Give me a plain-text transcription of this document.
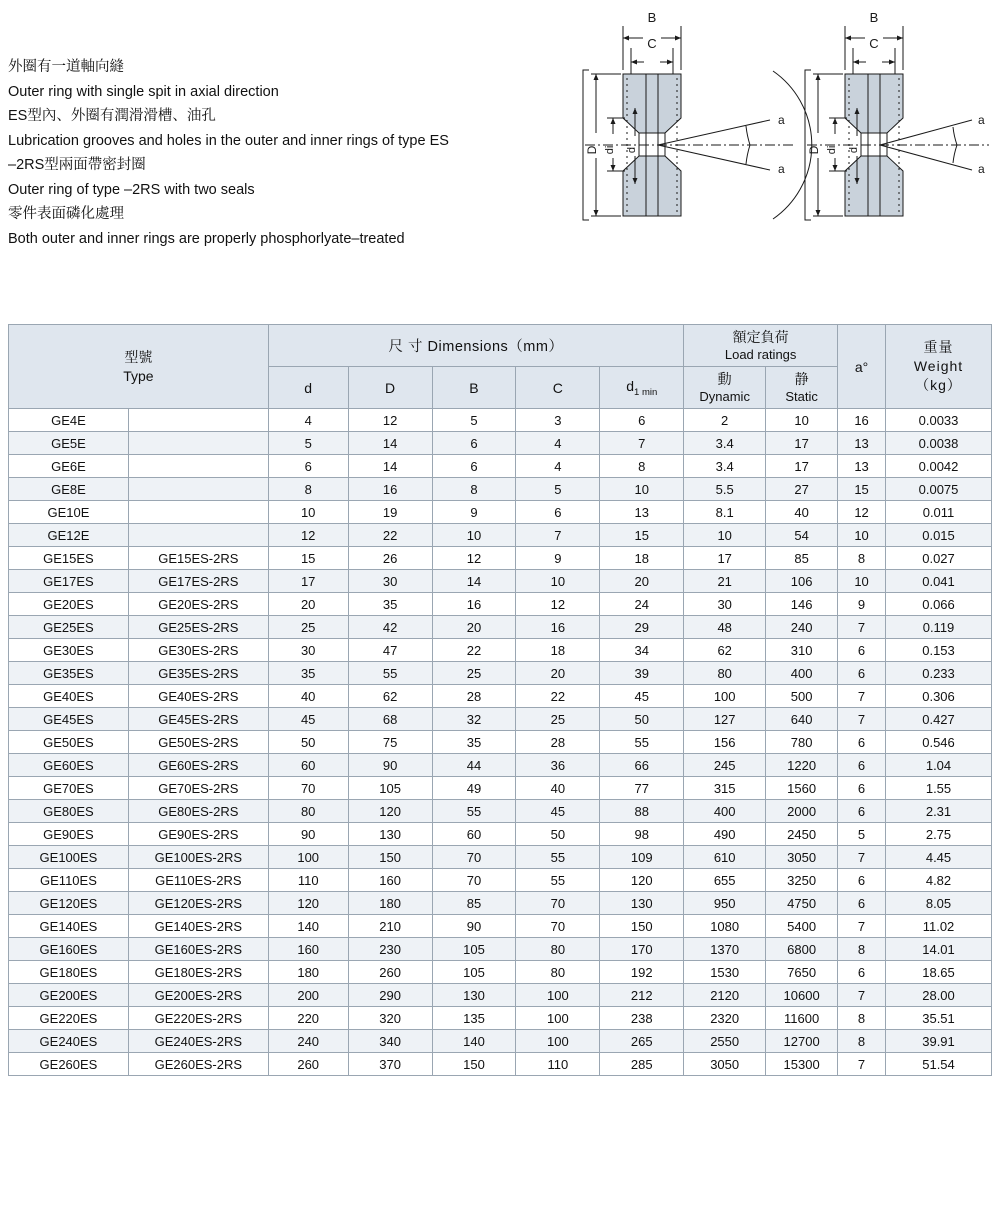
外圈有一道軸向縫
Outer ring with single spit in axial direction
ES型內、外圈有潤滑滑槽、油孔
Lubrication grooves and holes in the outer and inner rings of type ES
–2RS型兩面帶密封圈
Outer ring of type –2RS with two seals
零件表面磷化處理
Both outer and inner rings are properly phosphorlyate–treated
B
C
D di d
a
a
B
C
D di d
a
a
型號
Type
	尺 寸 Dimensions（mm）	
額定負荷
Load ratings
	a°	
重量
Weight
（kg）

d	D	B	C	$d_{1 min}$	
動
Dynamic

静
Static

GE4E		4	12	5	3	6	2	10	16	0.0033
GE5E		5	14	6	4	7	3.4	17	13	0.0038
GE6E		6	14	6	4	8	3.4	17	13	0.0042
GE8E		8	16	8	5	10	5.5	27	15	0.0075
GE10E		10	19	9	6	13	8.1	40	12	0.011
GE12E		12	22	10	7	15	10	54	10	0.015
GE15ES	GE15ES-2RS	15	26	12	9	18	17	85	8	0.027
GE17ES	GE17ES-2RS	17	30	14	10	20	21	106	10	0.041
GE20ES	GE20ES-2RS	20	35	16	12	24	30	146	9	0.066
GE25ES	GE25ES-2RS	25	42	20	16	29	48	240	7	0.119
GE30ES	GE30ES-2RS	30	47	22	18	34	62	310	6	0.153
GE35ES	GE35ES-2RS	35	55	25	20	39	80	400	6	0.233
GE40ES	GE40ES-2RS	40	62	28	22	45	100	500	7	0.306
GE45ES	GE45ES-2RS	45	68	32	25	50	127	640	7	0.427
GE50ES	GE50ES-2RS	50	75	35	28	55	156	780	6	0.546
GE60ES	GE60ES-2RS	60	90	44	36	66	245	1220	6	1.04
GE70ES	GE70ES-2RS	70	105	49	40	77	315	1560	6	1.55
GE80ES	GE80ES-2RS	80	120	55	45	88	400	2000	6	2.31
GE90ES	GE90ES-2RS	90	130	60	50	98	490	2450	5	2.75
GE100ES	GE100ES-2RS	100	150	70	55	109	610	3050	7	4.45
GE110ES	GE110ES-2RS	110	160	70	55	120	655	3250	6	4.82
GE120ES	GE120ES-2RS	120	180	85	70	130	950	4750	6	8.05
GE140ES	GE140ES-2RS	140	210	90	70	150	1080	5400	7	11.02
GE160ES	GE160ES-2RS	160	230	105	80	170	1370	6800	8	14.01
GE180ES	GE180ES-2RS	180	260	105	80	192	1530	7650	6	18.65
GE200ES	GE200ES-2RS	200	290	130	100	212	2120	10600	7	28.00
GE220ES	GE220ES-2RS	220	320	135	100	238	2320	11600	8	35.51
GE240ES	GE240ES-2RS	240	340	140	100	265	2550	12700	8	39.91
GE260ES	GE260ES-2RS	260	370	150	110	285	3050	15300	7	51.54
